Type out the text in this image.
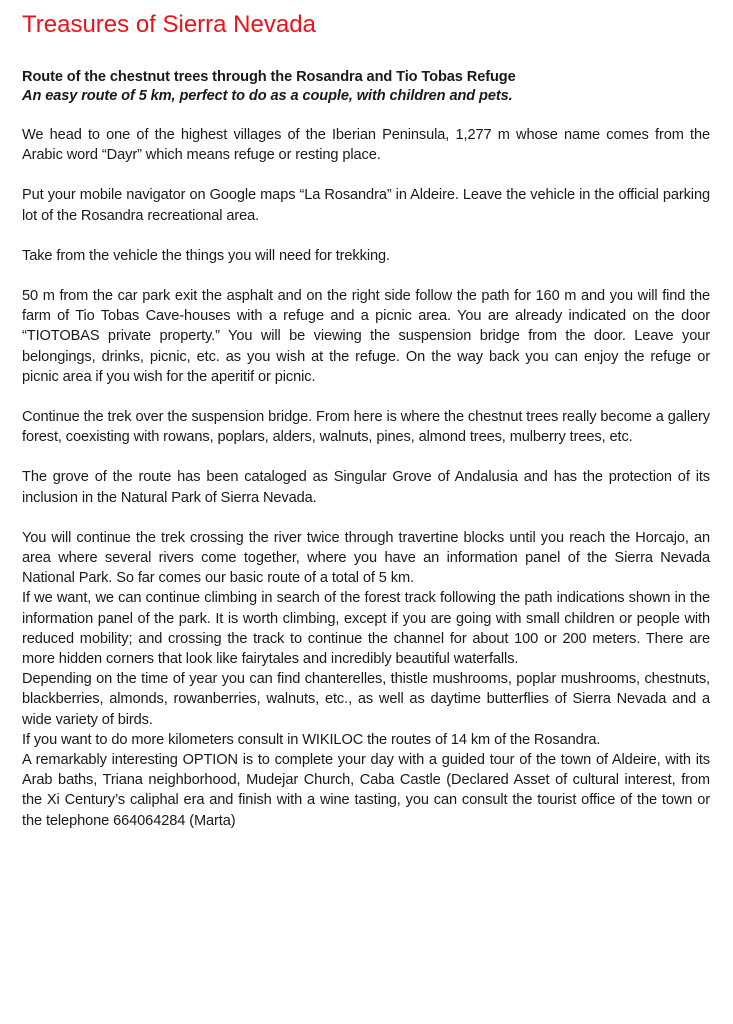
Treasures of Sierra Nevada

Route of the chestnut trees through the Rosandra and Tio Tobas Refuge

An easy route of 5 km, perfect to do as a couple, with children and pets.

We head to one of the highest villages of the Iberian Peninsula, 1,277 m whose name comes from the Arabic word “Dayr” which means refuge or resting place.

Put your mobile navigator on Google maps “La Rosandra” in Aldeire. Leave the vehicle in the official parking lot of the Rosandra recreational area.

Take from the vehicle the things you will need for trekking.

50 m from the car park exit the asphalt and on the right side follow the path for 160 m and you will find the farm of Tio Tobas Cave-houses with a refuge and a picnic area. You are already indicated on the door “TIOTOBAS private property.” You will be viewing the suspension bridge from the door. Leave your belongings, drinks, picnic, etc. as you wish at the refuge. On the way back you can enjoy the refuge or picnic area if you wish for the aperitif or picnic.

Continue the trek over the suspension bridge. From here is where the chestnut trees really become a gallery forest, coexisting with rowans, poplars, alders, walnuts, pines, almond trees, mulberry trees, etc.

The grove of the route has been cataloged as Singular Grove of Andalusia and has the protection of its inclusion in the Natural Park of Sierra Nevada.

You will continue the trek crossing the river twice through travertine blocks until you reach the Horcajo, an area where several rivers come together, where you have an information panel of the Sierra Nevada National Park. So far comes our basic route of a total of 5 km.

If we want, we can continue climbing in search of the forest track following the path indications shown in the information panel of the park. It is worth climbing, except if you are going with small children or people with reduced mobility; and crossing the track to continue the channel for about 100 or 200 meters. There are more hidden corners that look like fairytales and incredibly beautiful waterfalls.

Depending on the time of year you can find chanterelles, thistle mushrooms, poplar mushrooms, chestnuts, blackberries, almonds, rowanberries, walnuts, etc., as well as daytime butterflies of Sierra Nevada and a wide variety of birds.

If you want to do more kilometers consult in WIKILOC the routes of 14 km of the Rosandra.

A remarkably interesting OPTION is to complete your day with a guided tour of the town of Aldeire, with its Arab baths, Triana neighborhood, Mudejar Church, Caba Castle (Declared Asset of cultural interest, from the Xi Century’s caliphal era and finish with a wine tasting, you can consult the tourist office of the town or the telephone 664064284 (Marta)
